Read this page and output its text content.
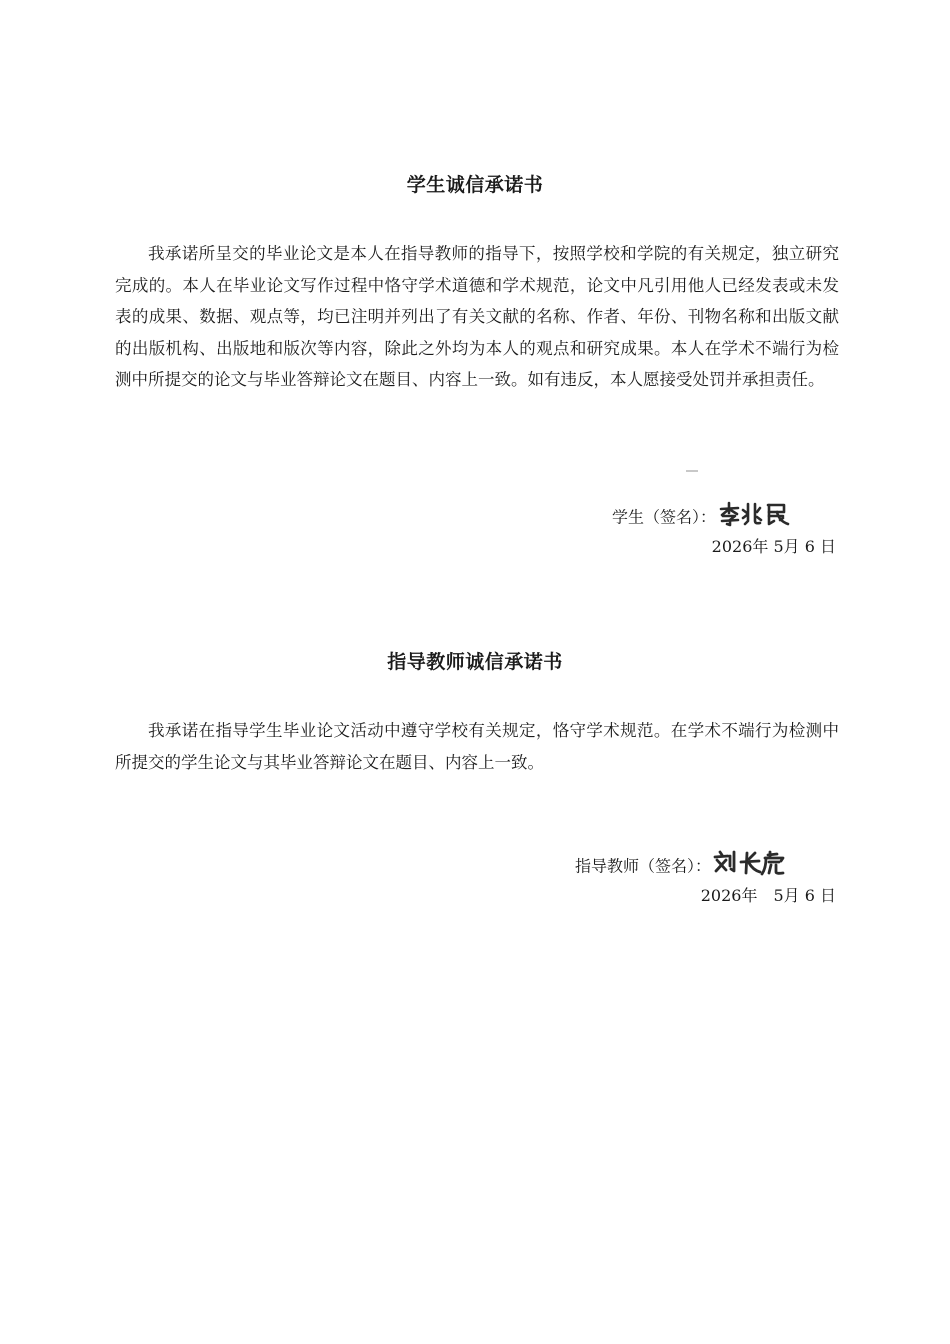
学生诚信承诺书

我承诺所呈交的毕业论文是本人在指导教师的指导下，按照学校和学院的有关规定，独立研究完成的。本人在毕业论文写作过程中恪守学术道德和学术规范，论文中凡引用他人已经发表或未发表的成果、数据、观点等，均已注明并列出了有关文献的名称、作者、年份、刊物名称和出版文献的出版机构、出版地和版次等内容，除此之外均为本人的观点和研究成果。本人在学术不端行为检测中所提交的论文与毕业答辩论文在题目、内容上一致。如有违反，本人愿接受处罚并承担责任。

学生（签名）：
2026年 5月 6 日
指导教师诚信承诺书

我承诺在指导学生毕业论文活动中遵守学校有关规定，恪守学术规范。在学术不端行为检测中所提交的学生论文与其毕业答辩论文在题目、内容上一致。

指导教师（签名）：
2026年　5月 6 日
